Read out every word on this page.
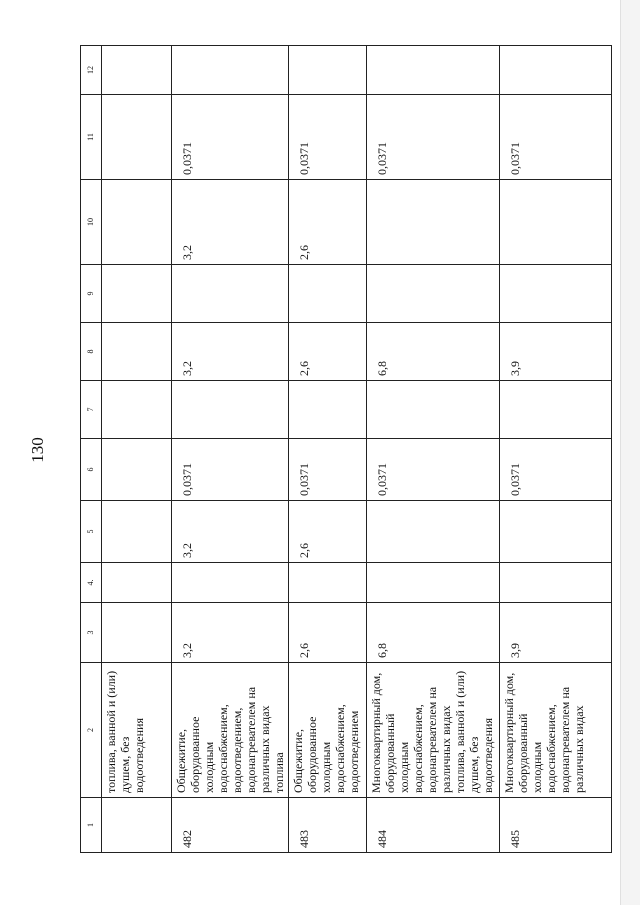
130
1	2	3	4.	5	6	7	8	9	10	11	12
	топлива, ванной и (или) душем, без водоотведения										
482	Общежитие, оборудованное холодным водоснабжением, водоотведением, водонагревателем на различных видах топлива	3,2		3,2	0,0371		3,2		3,2	0,0371	
483	Общежитие, оборудованное холодным водоснабжением, водоотведением	2,6		2,6	0,0371		2,6		2,6	0,0371	
484	Многоквартирный дом, оборудованный холодным водоснабжением, водонагревателем на различных видах топлива, ванной и (или) душем, без водоотведения	6,8			0,0371		6,8			0,0371	
485	Многоквартирный дом, оборудованный холодным водоснабжением, водонагревателем на различных видах	3,9			0,0371		3,9			0,0371	
